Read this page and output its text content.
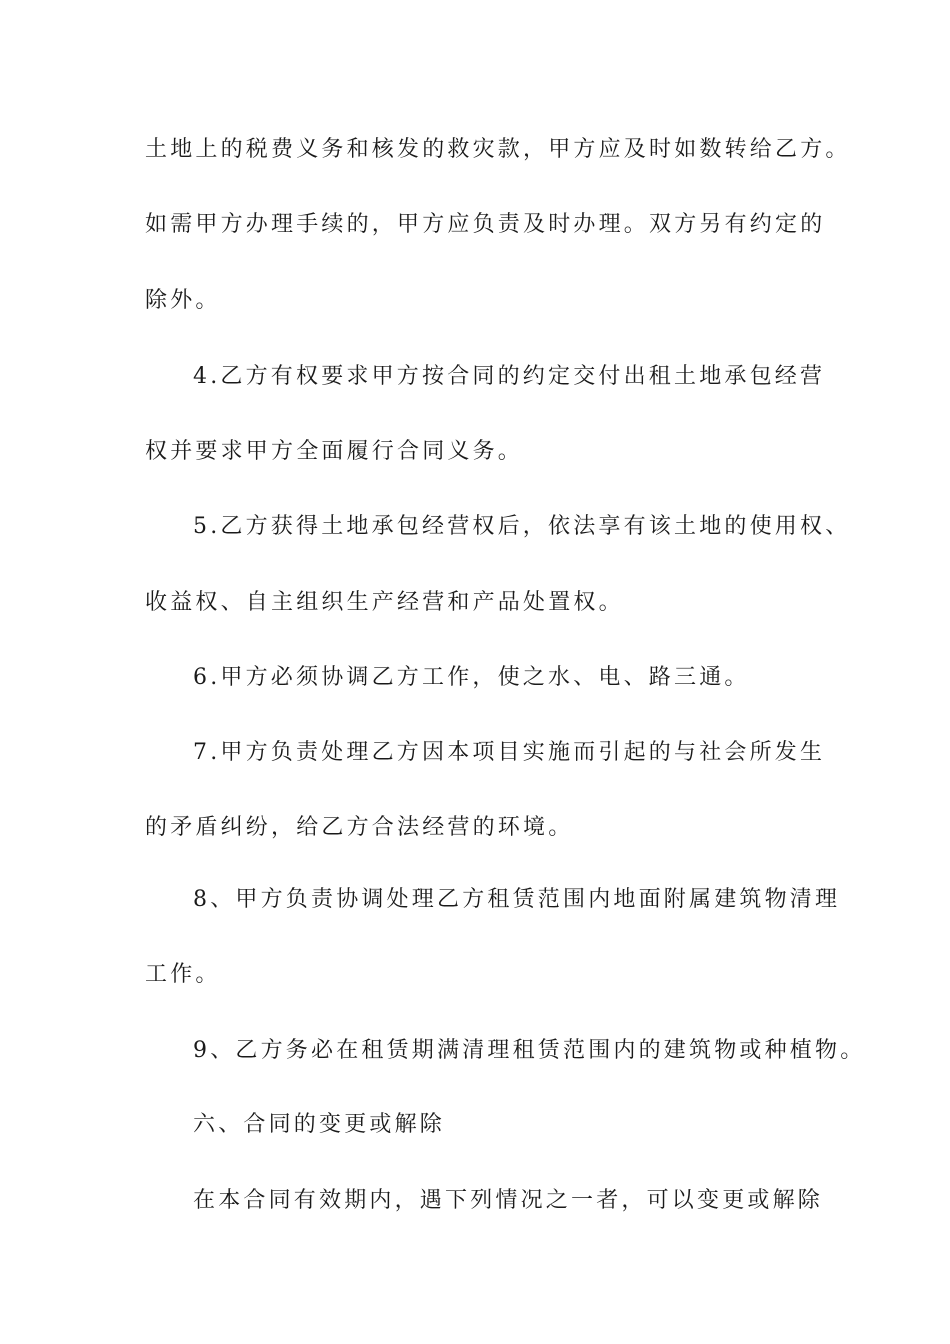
土地上的税费义务和核发的救灾款，甲方应及时如数转给乙方。
如需甲方办理手续的，甲方应负责及时办理。双方另有约定的
除外。
4.乙方有权要求甲方按合同的约定交付出租土地承包经营
权并要求甲方全面履行合同义务。
5.乙方获得土地承包经营权后，依法享有该土地的使用权、
收益权、自主组织生产经营和产品处置权。
6.甲方必须协调乙方工作，使之水、电、路三通。
7.甲方负责处理乙方因本项目实施而引起的与社会所发生
的矛盾纠纷，给乙方合法经营的环境。
8、甲方负责协调处理乙方租赁范围内地面附属建筑物清理
工作。
9、乙方务必在租赁期满清理租赁范围内的建筑物或种植物。
六、合同的变更或解除
在本合同有效期内，遇下列情况之一者，可以变更或解除
